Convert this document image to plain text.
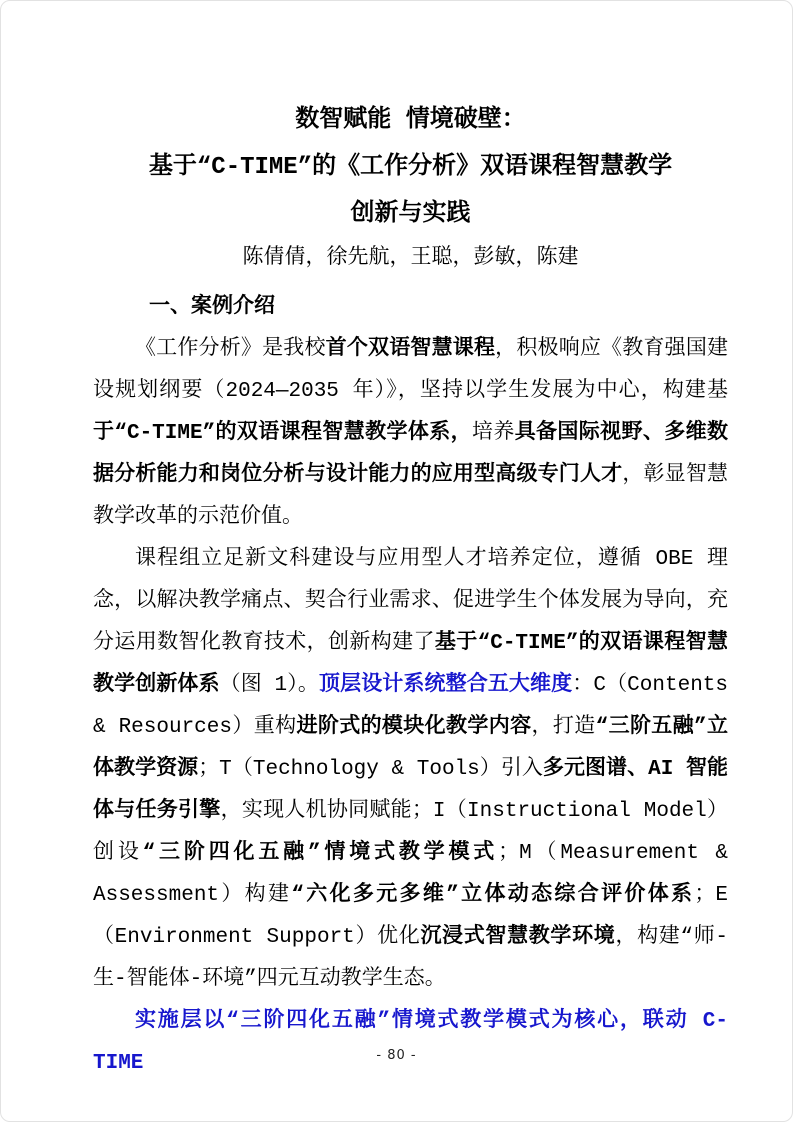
数智赋能 情境破壁：
基于“C-TIME”的《工作分析》双语课程智慧教学
创新与实践
陈倩倩，徐先航，王聪，彭敏，陈建
一、案例介绍

《工作分析》是我校首个双语智慧课程，积极响应《教育强国建设规划纲要（2024—2035 年）》，坚持以学生发展为中心，构建基于“C-TIME”的双语课程智慧教学体系，培养具备国际视野、多维数据分析能力和岗位分析与设计能力的应用型高级专门人才，彰显智慧教学改革的示范价值。

课程组立足新文科建设与应用型人才培养定位，遵循 OBE 理念，以解决教学痛点、契合行业需求、促进学生个体发展为导向，充分运用数智化教育技术，创新构建了基于“C-TIME”的双语课程智慧教学创新体系（图 1）。顶层设计系统整合五大维度：C（Contents & Resources）重构进阶式的模块化教学内容，打造“三阶五融”立体教学资源；T（Technology & Tools）引入多元图谱、AI 智能体与任务引擎，实现人机协同赋能；I（Instructional Model）创设“三阶四化五融”情境式教学模式；M（Measurement & Assessment）构建“六化多元多维”立体动态综合评价体系；E（Environment Support）优化沉浸式智慧教学环境，构建“师-生-智能体-环境”四元互动教学生态。

实施层以“三阶四化五融”情境式教学模式为核心，联动 C-TIME	- 80 -
